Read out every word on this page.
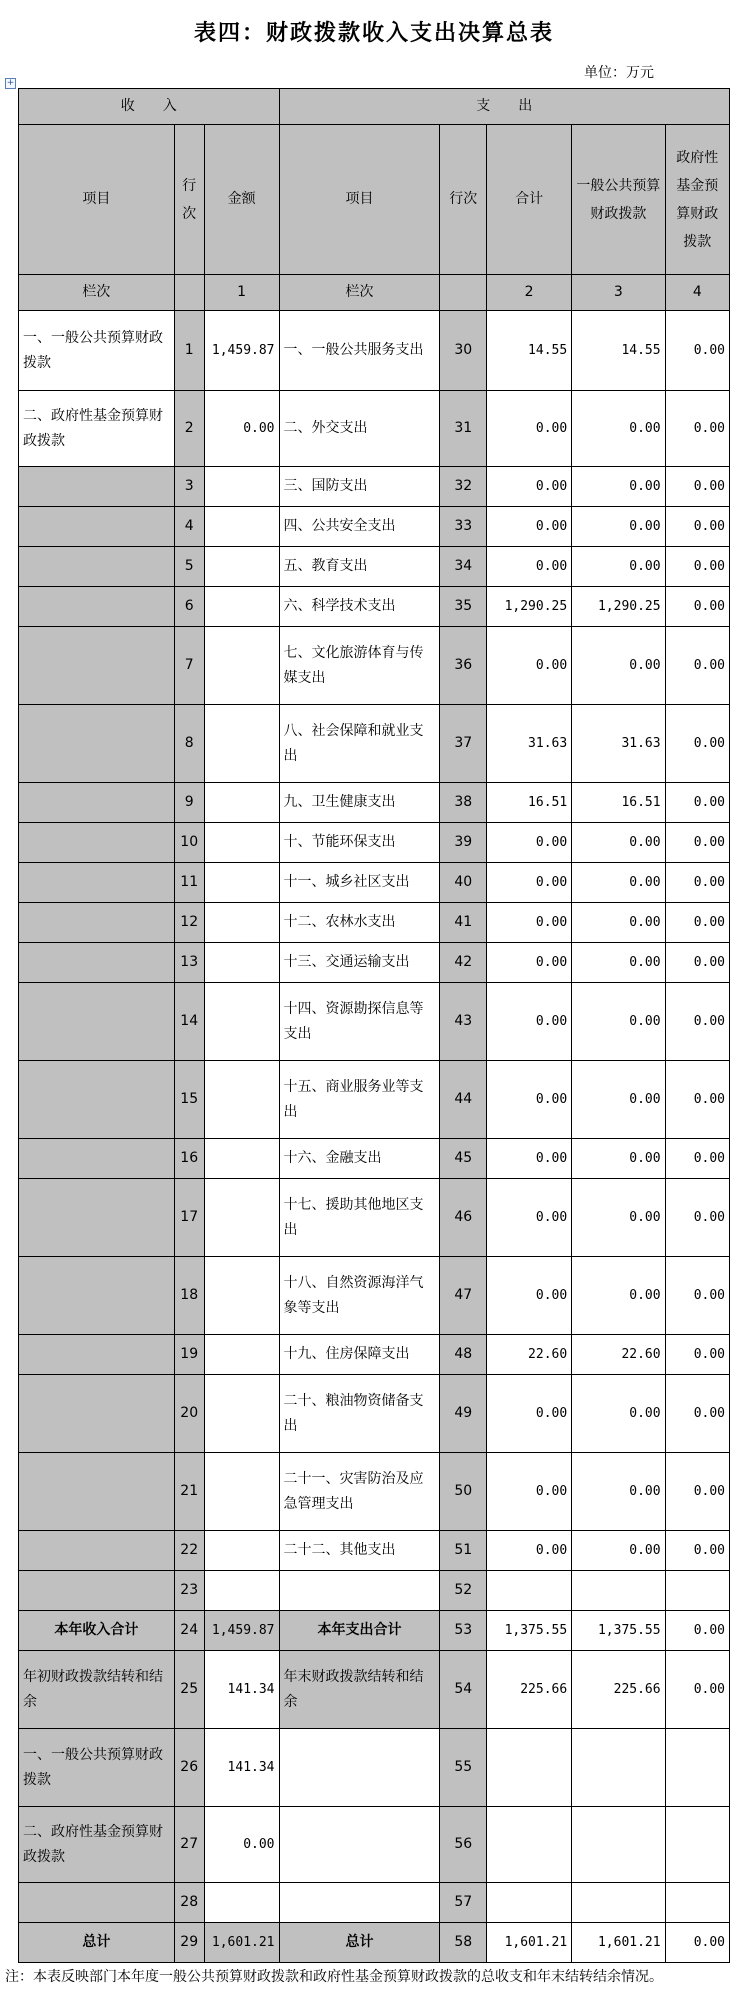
表四：财政拨款收入支出决算总表
单位：万元
+
收　　入			支　　出				
项目	行次	金额	项目	行次	合计	一般公共预算财政拨款	政府性基金预算财政拨款
栏次		1	栏次		2	3	4
一、一般公共预算财政拨款	1	1,459.87	一、一般公共服务支出	30	14.55	14.55	0.00
二、政府性基金预算财政拨款	2	0.00	二、外交支出	31	0.00	0.00	0.00
	3		三、国防支出	32	0.00	0.00	0.00
	4		四、公共安全支出	33	0.00	0.00	0.00
	5		五、教育支出	34	0.00	0.00	0.00
	6		六、科学技术支出	35	1,290.25	1,290.25	0.00
	7		七、文化旅游体育与传媒支出	36	0.00	0.00	0.00
	8		八、社会保障和就业支出	37	31.63	31.63	0.00
	9		九、卫生健康支出	38	16.51	16.51	0.00
	10		十、节能环保支出	39	0.00	0.00	0.00
	11		十一、城乡社区支出	40	0.00	0.00	0.00
	12		十二、农林水支出	41	0.00	0.00	0.00
	13		十三、交通运输支出	42	0.00	0.00	0.00
	14		十四、资源勘探信息等支出	43	0.00	0.00	0.00
	15		十五、商业服务业等支出	44	0.00	0.00	0.00
	16		十六、金融支出	45	0.00	0.00	0.00
	17		十七、援助其他地区支出	46	0.00	0.00	0.00
	18		十八、自然资源海洋气象等支出	47	0.00	0.00	0.00
	19		十九、住房保障支出	48	22.60	22.60	0.00
	20		二十、粮油物资储备支出	49	0.00	0.00	0.00
	21		二十一、灾害防治及应急管理支出	50	0.00	0.00	0.00
	22		二十二、其他支出	51	0.00	0.00	0.00
	23			52			
本年收入合计	24	1,459.87	本年支出合计	53	1,375.55	1,375.55	0.00
年初财政拨款结转和结余	25	141.34	年末财政拨款结转和结余	54	225.66	225.66	0.00
一、一般公共预算财政拨款	26	141.34		55			
二、政府性基金预算财政拨款	27	0.00		56			
	28			57			
总计	29	1,601.21	总计	58	1,601.21	1,601.21	0.00
注：本表反映部门本年度一般公共预算财政拨款和政府性基金预算财政拨款的总收支和年末结转结余情况。
